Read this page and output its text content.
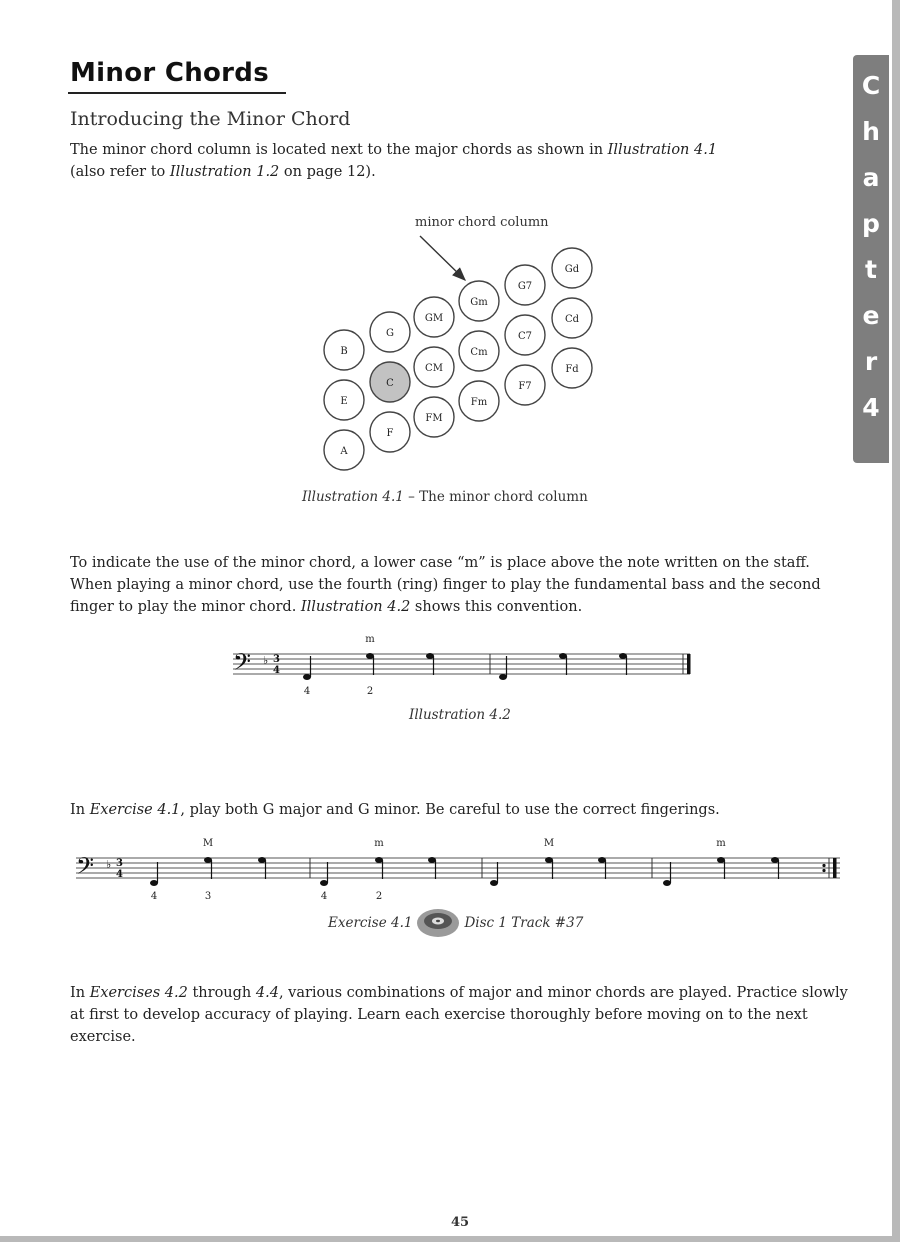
C
h
a
p
t
e
r
4
Minor Chords
Introducing the Minor Chord

The minor chord column is located next to the major chords as shown in Illustration 4.1
(also refer to Illustration 1.2 on page 12).

minor chord column
B
E
A
G
C
F
GM
CM
FM
Gm
Cm
Fm
G7
C7
F7
Gd
Cd
Fd

Illustration 4.1 – The minor chord column

To indicate the use of the minor chord, a lower case “m” is place above the note written on the staff. When playing a minor chord, use the fourth (ring) finger to play the fundamental bass and the second finger to play the minor chord. Illustration 4.2 shows this convention.

𝄢 ♭ 3
4
m
4	2

Illustration 4.2

In Exercise 4.1, play both G major and G minor. Be careful to use the correct fingerings.

𝄢 ♭ 3
4
M	m	M	m
4	3	4	2
Exercise 4.1	Disc 1 Track #37

In Exercises 4.2 through 4.4, various combinations of major and minor chords are played. Practice slowly at first to develop accuracy of playing. Learn each exercise thoroughly before moving on to the next exercise.

45
